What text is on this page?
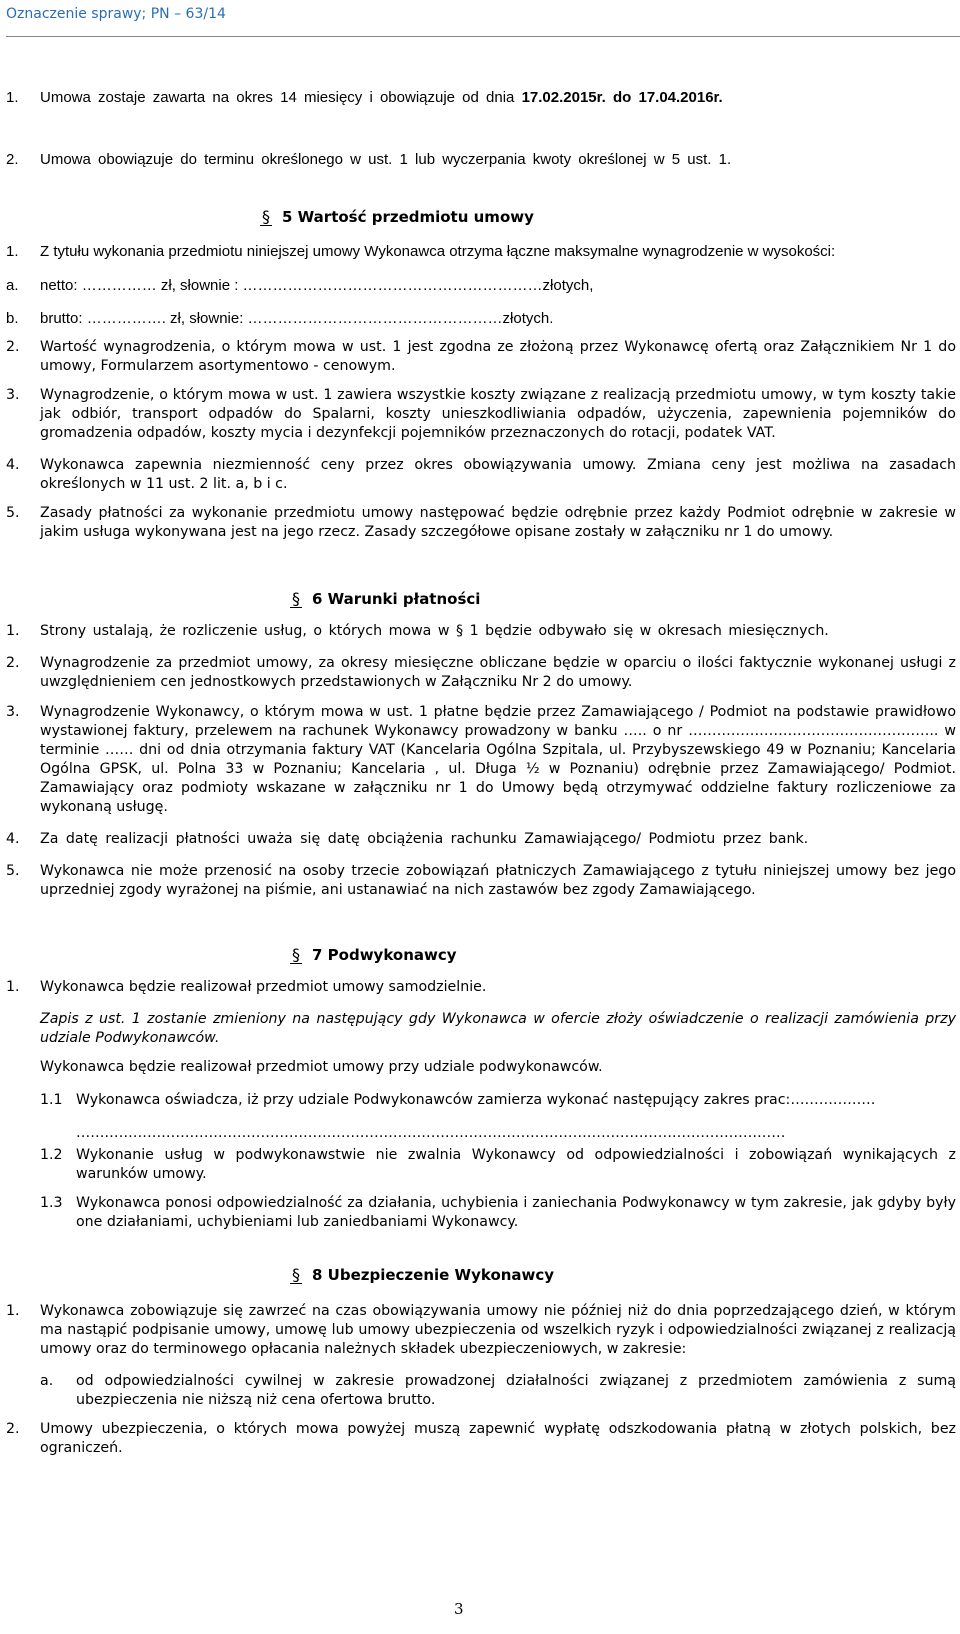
Oznaczenie sprawy; PN – 63/14
1. Umowa zostaje zawarta na okres 14 miesięcy i obowiązuje od dnia 17.02.2015r. do 17.04.2016r.
2. Umowa obowiązuje do terminu określonego w ust. 1 lub wyczerpania kwoty określonej w 5 ust. 1.
§ 5 Wartość przedmiotu umowy
1. Z tytułu wykonania przedmiotu niniejszej umowy Wykonawca otrzyma łączne maksymalne wynagrodzenie w wysokości:
a. netto: …………… zł, słownie : ……………………………………………………złotych,
b. brutto: ……………. zł, słownie: ……………………………………………złotych.
2. Wartość wynagrodzenia, o którym mowa w ust. 1 jest zgodna ze złożoną przez Wykonawcę ofertą oraz Załącznikiem Nr 1 do umowy, Formularzem asortymentowo - cenowym.
3. Wynagrodzenie, o którym mowa w ust. 1 zawiera wszystkie koszty związane z realizacją przedmiotu umowy, w tym koszty takie jak odbiór, transport odpadów do Spalarni, koszty unieszkodliwiania odpadów, użyczenia, zapewnienia pojemników do gromadzenia odpadów, koszty mycia i dezynfekcji pojemników przeznaczonych do rotacji, podatek VAT.
4. Wykonawca zapewnia niezmienność ceny przez okres obowiązywania umowy. Zmiana ceny jest możliwa na zasadach określonych w 11 ust. 2 lit. a, b i c.
5. Zasady płatności za wykonanie przedmiotu umowy następować będzie odrębnie przez każdy Podmiot odrębnie w zakresie w jakim usługa wykonywana jest na jego rzecz. Zasady szczegółowe opisane zostały w załączniku nr 1 do umowy.
§ 6 Warunki płatności
1. Strony ustalają, że rozliczenie usług, o których mowa w § 1 będzie odbywało się w okresach miesięcznych.
2. Wynagrodzenie za przedmiot umowy, za okresy miesięczne obliczane będzie w oparciu o ilości faktycznie wykonanej usługi z uwzględnieniem cen jednostkowych przedstawionych w Załączniku Nr 2 do umowy.
3. Wynagrodzenie Wykonawcy, o którym mowa w ust. 1 płatne będzie przez Zamawiającego / Podmiot na podstawie prawidłowo wystawionej faktury, przelewem na rachunek Wykonawcy prowadzony w banku ….. o nr …………………………………………….. w terminie …… dni od dnia otrzymania faktury VAT (Kancelaria Ogólna Szpitala, ul. Przybyszewskiego 49 w Poznaniu; Kancelaria Ogólna GPSK, ul. Polna 33 w Poznaniu; Kancelaria , ul. Długa ½ w Poznaniu) odrębnie przez Zamawiającego/ Podmiot. Zamawiający oraz podmioty wskazane w załączniku nr 1 do Umowy będą otrzymywać oddzielne faktury rozliczeniowe za wykonaną usługę.
4. Za datę realizacji płatności uważa się datę obciążenia rachunku Zamawiającego/ Podmiotu przez bank.
5. Wykonawca nie może przenosić na osoby trzecie zobowiązań płatniczych Zamawiającego z tytułu niniejszej umowy bez jego uprzedniej zgody wyrażonej na piśmie, ani ustanawiać na nich zastawów bez zgody Zamawiającego.
§ 7 Podwykonawcy
1. Wykonawca będzie realizował przedmiot umowy samodzielnie.
Zapis z ust. 1 zostanie zmieniony na następujący gdy Wykonawca w ofercie złoży oświadczenie o realizacji zamówienia przy udziale Podwykonawców.
Wykonawca będzie realizował przedmiot umowy przy udziale podwykonawców.
1.1 Wykonawca oświadcza, iż przy udziale Podwykonawców zamierza wykonać następujący zakres prac:………………
……………………………………………………………………………………………………………………………………
1.2 Wykonanie usług w podwykonawstwie nie zwalnia Wykonawcy od odpowiedzialności i zobowiązań wynikających z warunków umowy.
1.3 Wykonawca ponosi odpowiedzialność za działania, uchybienia i zaniechania Podwykonawcy w tym zakresie, jak gdyby były one działaniami, uchybieniami lub zaniedbaniami Wykonawcy.
§ 8 Ubezpieczenie Wykonawcy
1. Wykonawca zobowiązuje się zawrzeć na czas obowiązywania umowy nie później niż do dnia poprzedzającego dzień, w którym ma nastąpić podpisanie umowy, umowę lub umowy ubezpieczenia od wszelkich ryzyk i odpowiedzialności związanej z realizacją umowy oraz do terminowego opłacania należnych składek ubezpieczeniowych, w zakresie:
a. od odpowiedzialności cywilnej w zakresie prowadzonej działalności związanej z przedmiotem zamówienia z sumą ubezpieczenia nie niższą niż cena ofertowa brutto.
2. Umowy ubezpieczenia, o których mowa powyżej muszą zapewnić wypłatę odszkodowania płatną w złotych polskich, bez ograniczeń.
3
